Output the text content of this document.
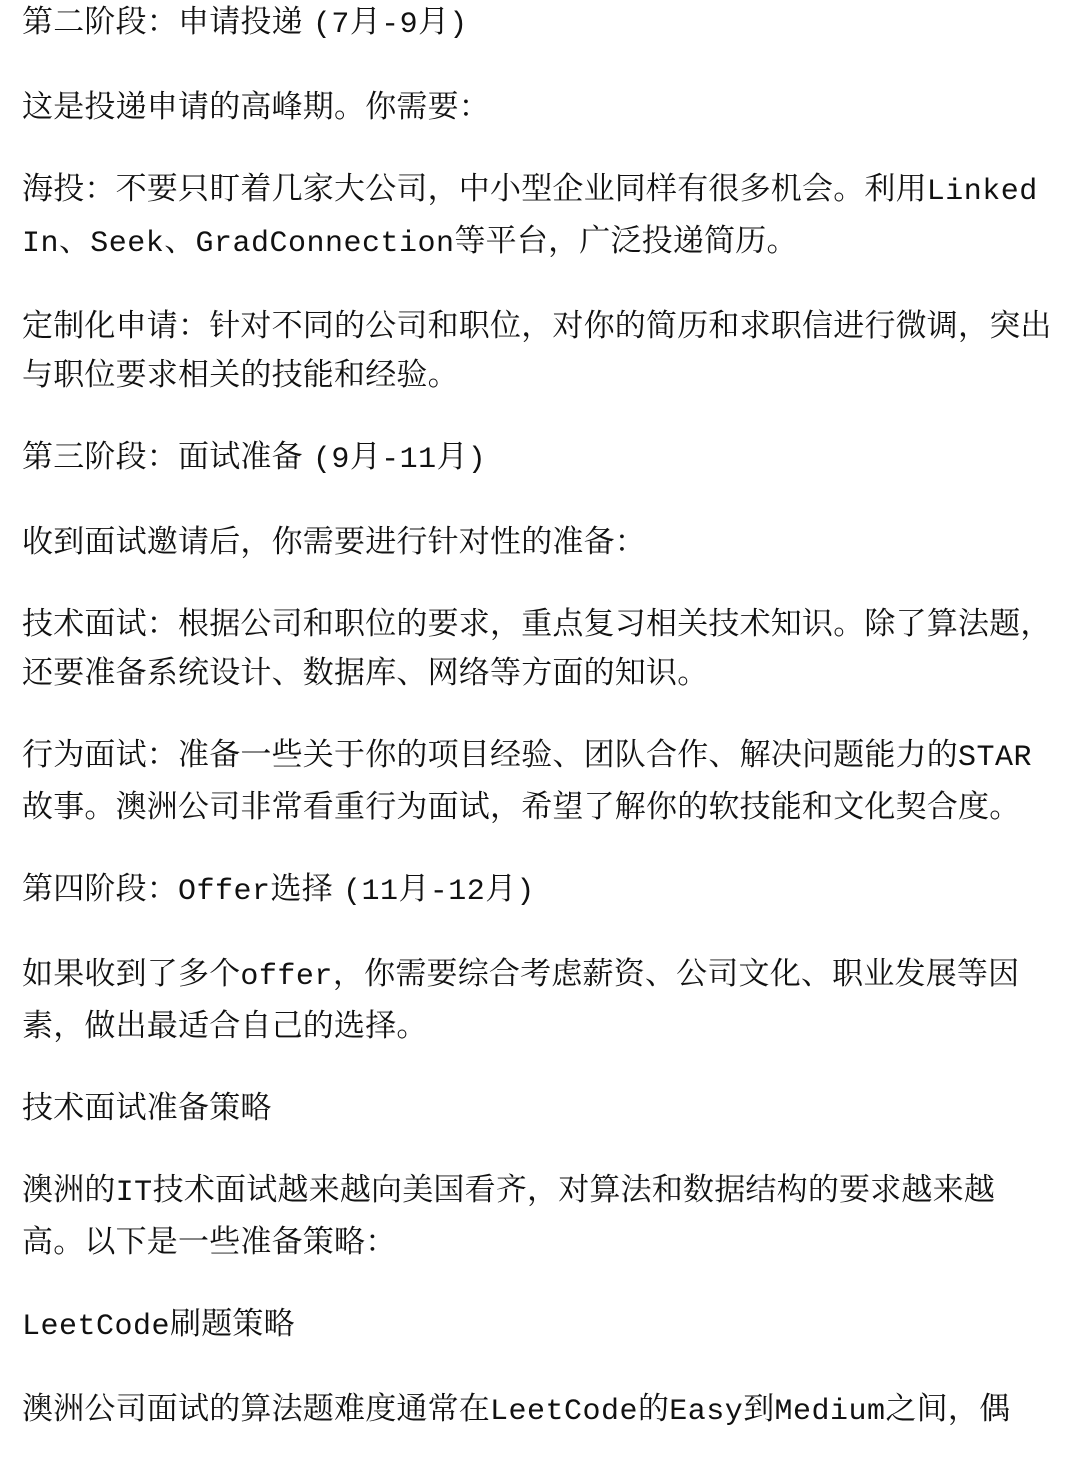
第二阶段：申请投递 (7月-9月)

这是投递申请的高峰期。你需要：

海投：不要只盯着几家大公司，中小型企业同样有很多机会。利用LinkedIn、Seek、GradConnection等平台，广泛投递简历。

定制化申请：针对不同的公司和职位，对你的简历和求职信进行微调，突出与职位要求相关的技能和经验。

第三阶段：面试准备 (9月-11月)

收到面试邀请后，你需要进行针对性的准备：

技术面试：根据公司和职位的要求，重点复习相关技术知识。除了算法题，还要准备系统设计、数据库、网络等方面的知识。

行为面试：准备一些关于你的项目经验、团队合作、解决问题能力的STAR故事。澳洲公司非常看重行为面试，希望了解你的软技能和文化契合度。

第四阶段：Offer选择 (11月-12月)

如果收到了多个offer，你需要综合考虑薪资、公司文化、职业发展等因素，做出最适合自己的选择。

技术面试准备策略

澳洲的IT技术面试越来越向美国看齐，对算法和数据结构的要求越来越高。以下是一些准备策略：

LeetCode刷题策略

澳洲公司面试的算法题难度通常在LeetCode的Easy到Medium之间，偶
